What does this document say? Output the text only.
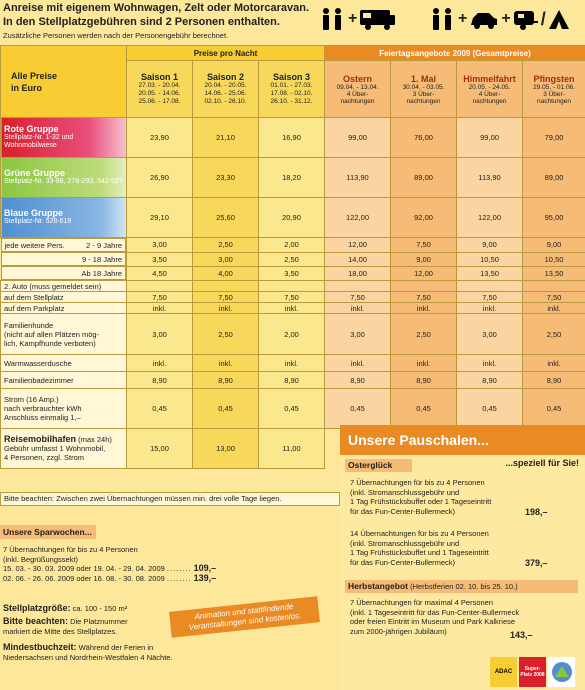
Anreise mit eigenem Wohnwagen, Zelt oder Motorcaravan.
In den Stellplatzgebühren sind 2 Personen enthalten.
Zusätzliche Personen werden nach der Personengebühr berechnet.
+	+ + /
Alle Preise
in Euro	Preise pro Nacht			Feiertagsangebote 2009 (Gesamtpreise)			

	Saison 1
27.03. - 20.04.
20.05. - 14.06.
25.06. - 17.08.	Saison 2
20.04. - 20.05.
14.06. - 25.06.
02.10. - 26.10.	Saison 3
01.01. - 27.03.
17.08. - 02.10.
26.10. - 31.12.	Ostern
09.04. - 13.04.
4 Über-
nachtungen	1. Mai
30.04. - 03.05.
3 Über-
nachtungen	Himmelfahrt
20.05. - 24.05.
4 Über-
nachtungen	Pfingsten
29.05. - 01.06.
3 Über-
nachtungen

Rote Gruppe
Stellplatz-Nr. 1-32 und Wohnmobilwiese	23,90	21,10	16,90	99,00	76,00	99,00	79,00

Grüne Gruppe
Stellplatz-Nr. 33-88, 278-293, 342-527	26,90	23,30	18,20	113,90	89,00	113,90	89,00

Blaue Gruppe
Stellplatz-Nr. 528-618	29,10	25,60	20,90	122,00	92,00	122,00	95,00

jede weitere Pers.	2 - 9 Jahre	3,00	2,50	2,00	12,00	7,50	9,00	9,00

9 - 18 Jahre	3,50	3,00	2,50	14,00	9,00	10,50	10,50

Ab 18 Jahre	4,50	4,00	3,50	18,00	12,00	13,50	13,50
2. Auto (muss gemeldet sein)							
auf dem Stellplatz	7,50	7,50	7,50	7,50	7,50	7,50	7,50
auf dem Parkplatz	inkl.	inkl.	inkl.	inkl.	inkl.	inkl.	inkl.
Familienhunde
(nicht auf allen Plätzen mög-
lich, Kampfhunde verboten)	3,00	2,50	2,00	3,00	2,50	3,00	2,50
Warmwasserdusche	inkl.	inkl.	inkl.	inkl.	inkl.	inkl.	inkl.
Familienbadezimmer	8,90	8,90	8,90	8,90	8,90	8,90	8,90
Strom (16 Amp.)
nach verbrauchter kWh
Anschluss einmalig 1,–	0,45	0,45	0,45	0,45	0,45	0,45	0,45
Reisemobilhafen (max 24h)
Gebühr umfasst 1 Wohnmobil,
4 Personen, zzgl. Strom	15,00	13,00	11,00				
Bitte beachten: Zwischen zwei Übernachtungen müssen min. drei volle Tage liegen.
Unsere Pauschalen...
Osterglück	...speziell für Sie!
7 Übernachtungen für bis zu 4 Personen
(inkl. Stromanschlussgebühr und
1 Tag Frühstücksbuffet oder 1 Tageseintritt
für das Fun-Center-Bullermeck)	198,–
14 Übernachtungen für bis zu 4 Personen
(inkl. Stromanschlussgebühr und
1 Tag Frühstücksbuffet und 1 Tageseintritt
für das Fun-Center-Bullermeck)	379,–
Herbstangebot (Herbstferien 02. 10. bis 25. 10.)
7 Übernachtungen für maximal 4 Personen
(inkl. 1 Tageseintritt für das Fun-Center-Bullermeck
oder freien Eintritt im Museum und Park Kalkriese
zum 2000-jährigen Jubiläum)	143,–
Unsere Sparwochen...
7 Übernachtungen für bis zu 4 Personen
(inkl. Begrüßungssekt)
15. 03. - 30. 03. 2009 oder 19. 04. - 29. 04. 2009 ........ 109,–
02. 06. - 26. 06. 2009 oder 16. 08. - 30. 08. 2009 ........ 139,–
Stellplatzgröße: ca. 100 - 150 m²
Bitte beachten: Die Platznummer
markiert die Mitte des Stellplatzes.
Mindestbuchzeit: Während der Ferien in
Niedersachsen und Nordrhein-Westfalen 4 Nächte.
Animation und stattfindende Veranstaltungen sind kostenlos.
ADAC	Super-Platz 2008
